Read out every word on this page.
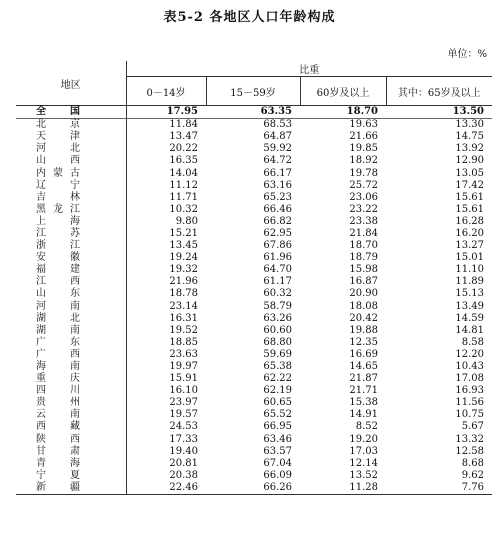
表5-2 各地区人口年龄构成
单位：%
地区	比重			
	0－14岁	15－59岁	60岁及以上	其中：65岁及以上
全国	17.95	63.35	18.70	13.50
北京	11.84	68.53	19.63	13.30
天津	13.47	64.87	21.66	14.75
河北	20.22	59.92	19.85	13.92
山西	16.35	64.72	18.92	12.90
内蒙古	14.04	66.17	19.78	13.05
辽宁	11.12	63.16	25.72	17.42
吉林	11.71	65.23	23.06	15.61
黑龙江	10.32	66.46	23.22	15.61
上海	9.80	66.82	23.38	16.28
江苏	15.21	62.95	21.84	16.20
浙江	13.45	67.86	18.70	13.27
安徽	19.24	61.96	18.79	15.01
福建	19.32	64.70	15.98	11.10
江西	21.96	61.17	16.87	11.89
山东	18.78	60.32	20.90	15.13
河南	23.14	58.79	18.08	13.49
湖北	16.31	63.26	20.42	14.59
湖南	19.52	60.60	19.88	14.81
广东	18.85	68.80	12.35	8.58
广西	23.63	59.69	16.69	12.20
海南	19.97	65.38	14.65	10.43
重庆	15.91	62.22	21.87	17.08
四川	16.10	62.19	21.71	16.93
贵州	23.97	60.65	15.38	11.56
云南	19.57	65.52	14.91	10.75
西藏	24.53	66.95	8.52	5.67
陕西	17.33	63.46	19.20	13.32
甘肃	19.40	63.57	17.03	12.58
青海	20.81	67.04	12.14	8.68
宁夏	20.38	66.09	13.52	9.62
新疆	22.46	66.26	11.28	7.76
